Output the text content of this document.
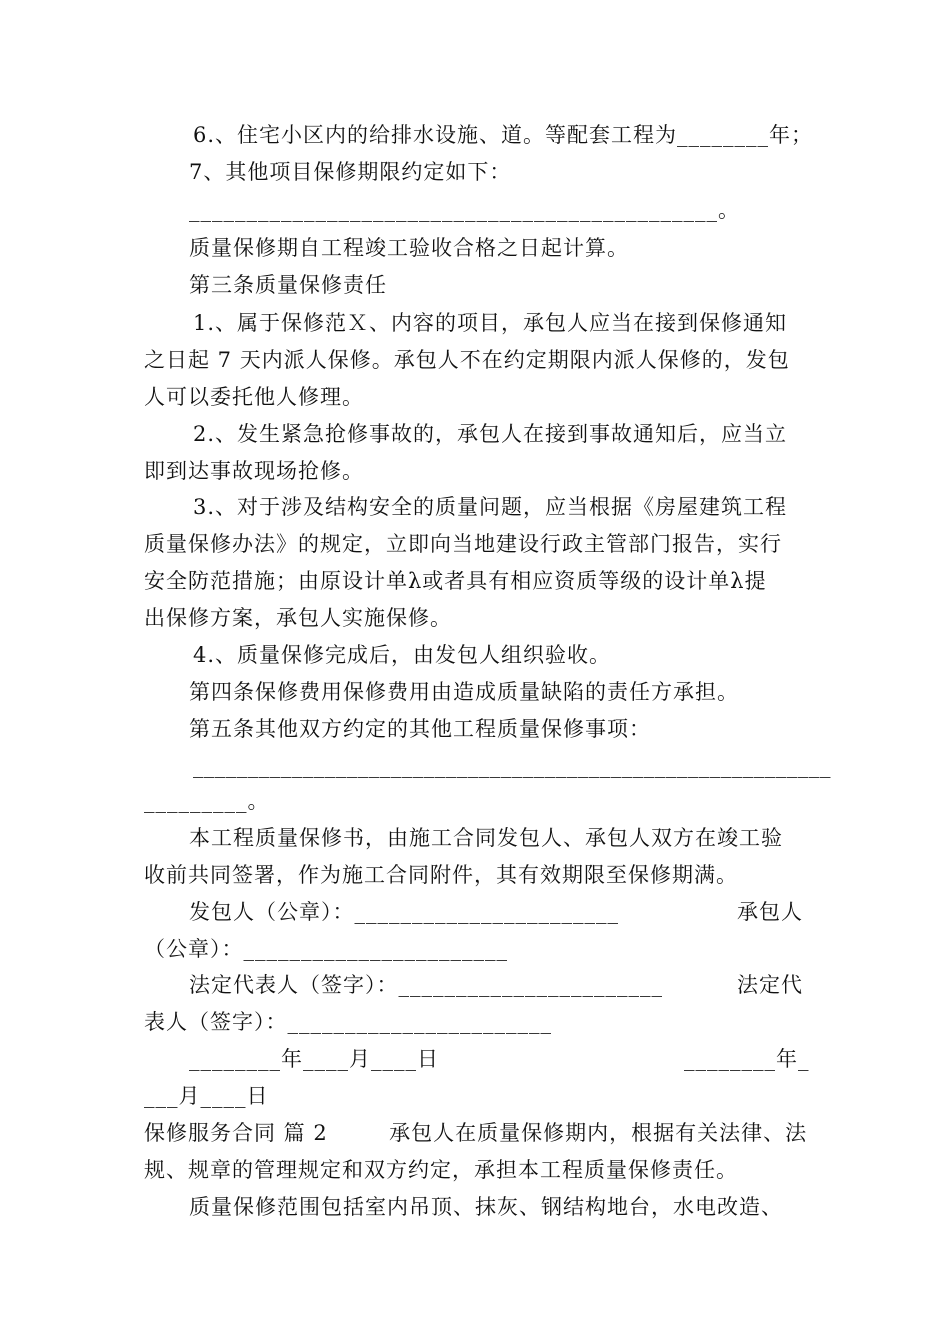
6.、住宅小区内的给排水设施、道。等配套工程为________年；
7、其他项目保修期限约定如下：
______________________________________________。
质量保修期自工程竣工验收合格之日起计算。
第三条质量保修责任
1.、属于保修范Ｘ、内容的项目，承包人应当在接到保修通知
之日起 7 天内派人保修。承包人不在约定期限内派人保修的，发包
人可以委托他人修理。
2.、发生紧急抢修事故的，承包人在接到事故通知后，应当立
即到达事故现场抢修。
3.、对于涉及结构安全的质量问题，应当根据《房屋建筑工程
质量保修办法》的规定，立即向当地建设行政主管部门报告，实行
安全防范措施；由原设计单λ或者具有相应资质等级的设计单λ提
出保修方案，承包人实施保修。
4.、质量保修完成后，由发包人组织验收。
第四条保修费用保修费用由造成质量缺陷的责任方承担。
第五条其他双方约定的其他工程质量保修事项：
__________________________________________________________
_________。
本工程质量保修书，由施工合同发包人、承包人双方在竣工验
收前共同签署，作为施工合同附件，其有效期限至保修期满。
发包人（公章）：_______________________	承包人
（公章）：_______________________
法定代表人（签字）：_______________________	法定代
表人（签字）：_______________________
________年____月____日	________年_
___月____日
保修服务合同 篇 2        承包人在质量保修期内，根据有关法律、法
规、规章的管理规定和双方约定，承担本工程质量保修责任。
质量保修范围包括室内吊顶、抹灰、钢结构地台，水电改造、
